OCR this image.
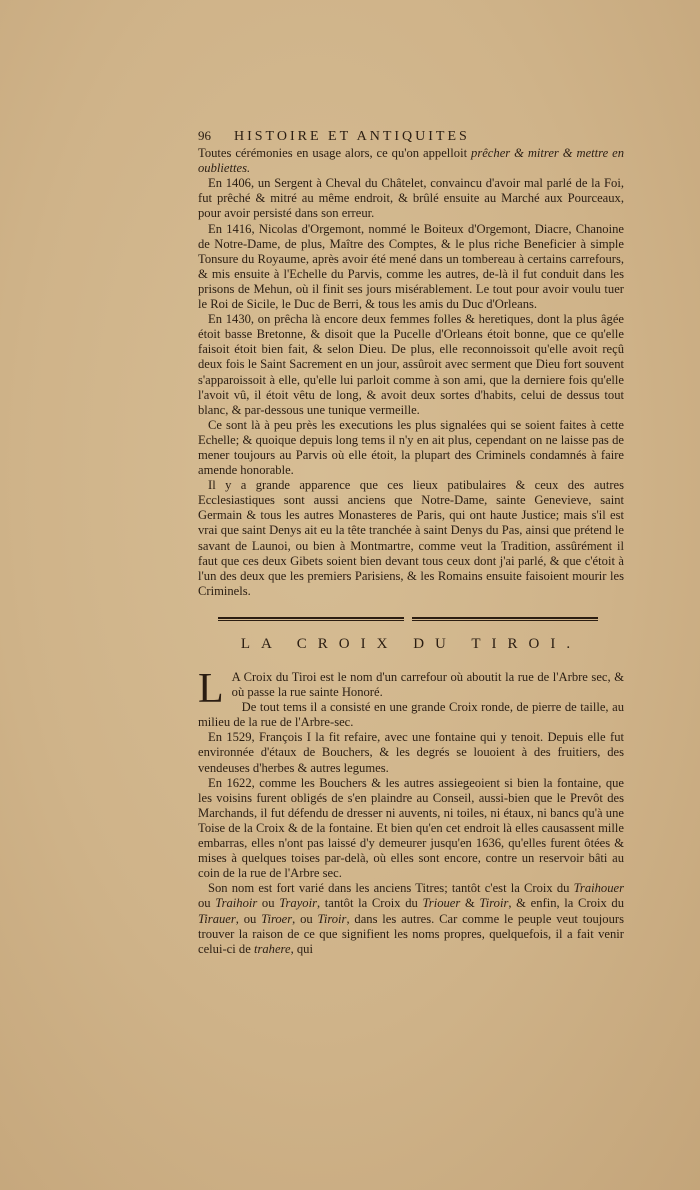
96	HISTOIRE ET ANTIQUITES

Toutes cérémonies en usage alors, ce qu'on appelloit prêcher & mitrer & mettre en oubliettes.

En 1406, un Sergent à Cheval du Châtelet, convaincu d'avoir mal parlé de la Foi, fut prêché & mitré au même endroit, & brûlé ensuite au Marché aux Pourceaux, pour avoir persisté dans son erreur.

En 1416, Nicolas d'Orgemont, nommé le Boiteux d'Orgemont, Diacre, Chanoine de Notre-Dame, de plus, Maître des Comptes, & le plus riche Beneficier à simple Tonsure du Royaume, après avoir été mené dans un tombereau à certains carrefours, & mis ensuite à l'Echelle du Parvis, comme les autres, de-là il fut conduit dans les prisons de Mehun, où il finit ses jours misérablement. Le tout pour avoir voulu tuer le Roi de Sicile, le Duc de Berri, & tous les amis du Duc d'Orleans.

En 1430, on prêcha là encore deux femmes folles & heretiques, dont la plus âgée étoit basse Bretonne, & disoit que la Pucelle d'Orleans étoit bonne, que ce qu'elle faisoit étoit bien fait, & selon Dieu. De plus, elle reconnoissoit qu'elle avoit reçû deux fois le Saint Sacrement en un jour, assûroit avec serment que Dieu fort souvent s'apparoissoit à elle, qu'elle lui parloit comme à son ami, que la derniere fois qu'elle l'avoit vû, il étoit vêtu de long, & avoit deux sortes d'habits, celui de dessus tout blanc, & par-dessous une tunique vermeille.

Ce sont là à peu près les executions les plus signalées qui se soient faites à cette Echelle; & quoique depuis long tems il n'y en ait plus, cependant on ne laisse pas de mener toujours au Parvis où elle étoit, la plupart des Criminels condamnés à faire amende honorable.

Il y a grande apparence que ces lieux patibulaires & ceux des autres Ecclesiastiques sont aussi anciens que Notre-Dame, sainte Genevieve, saint Germain & tous les autres Monasteres de Paris, qui ont haute Justice; mais s'il est vrai que saint Denys ait eu la tête tranchée à saint Denys du Pas, ainsi que prétend le savant de Launoi, ou bien à Montmartre, comme veut la Tradition, assûrément il faut que ces deux Gibets soient bien devant tous ceux dont j'ai parlé, & que c'étoit à l'un des deux que les premiers Parisiens, & les Romains ensuite faisoient mourir les Criminels.

LA CROIX DU TIROI.

L A Croix du Tiroi est le nom d'un carrefour où aboutit la rue de l'Arbre sec, & où passe la rue sainte Honoré.

De tout tems il a consisté en une grande Croix ronde, de pierre de taille, au milieu de la rue de l'Arbre-sec.

En 1529, François I la fit refaire, avec une fontaine qui y tenoit. Depuis elle fut environnée d'étaux de Bouchers, & les degrés se louoient à des fruitiers, des vendeuses d'herbes & autres legumes.

En 1622, comme les Bouchers & les autres assiegeoient si bien la fontaine, que les voisins furent obligés de s'en plaindre au Conseil, aussi-bien que le Prevôt des Marchands, il fut défendu de dresser ni auvents, ni toiles, ni étaux, ni bancs qu'à une Toise de la Croix & de la fontaine. Et bien qu'en cet endroit là elles causassent mille embarras, elles n'ont pas laissé d'y demeurer jusqu'en 1636, qu'elles furent ôtées & mises à quelques toises par-delà, où elles sont encore, contre un reservoir bâti au coin de la rue de l'Arbre sec.

Son nom est fort varié dans les anciens Titres; tantôt c'est la Croix du Traihouer ou Traihoir ou Trayoir, tantôt la Croix du Triouer & Tiroir, & enfin, la Croix du Tirauer, ou Tiroer, ou Tiroir, dans les autres. Car comme le peuple veut toujours trouver la raison de ce que signifient les noms propres, quelquefois, il a fait venir celui-ci de trahere, qui
